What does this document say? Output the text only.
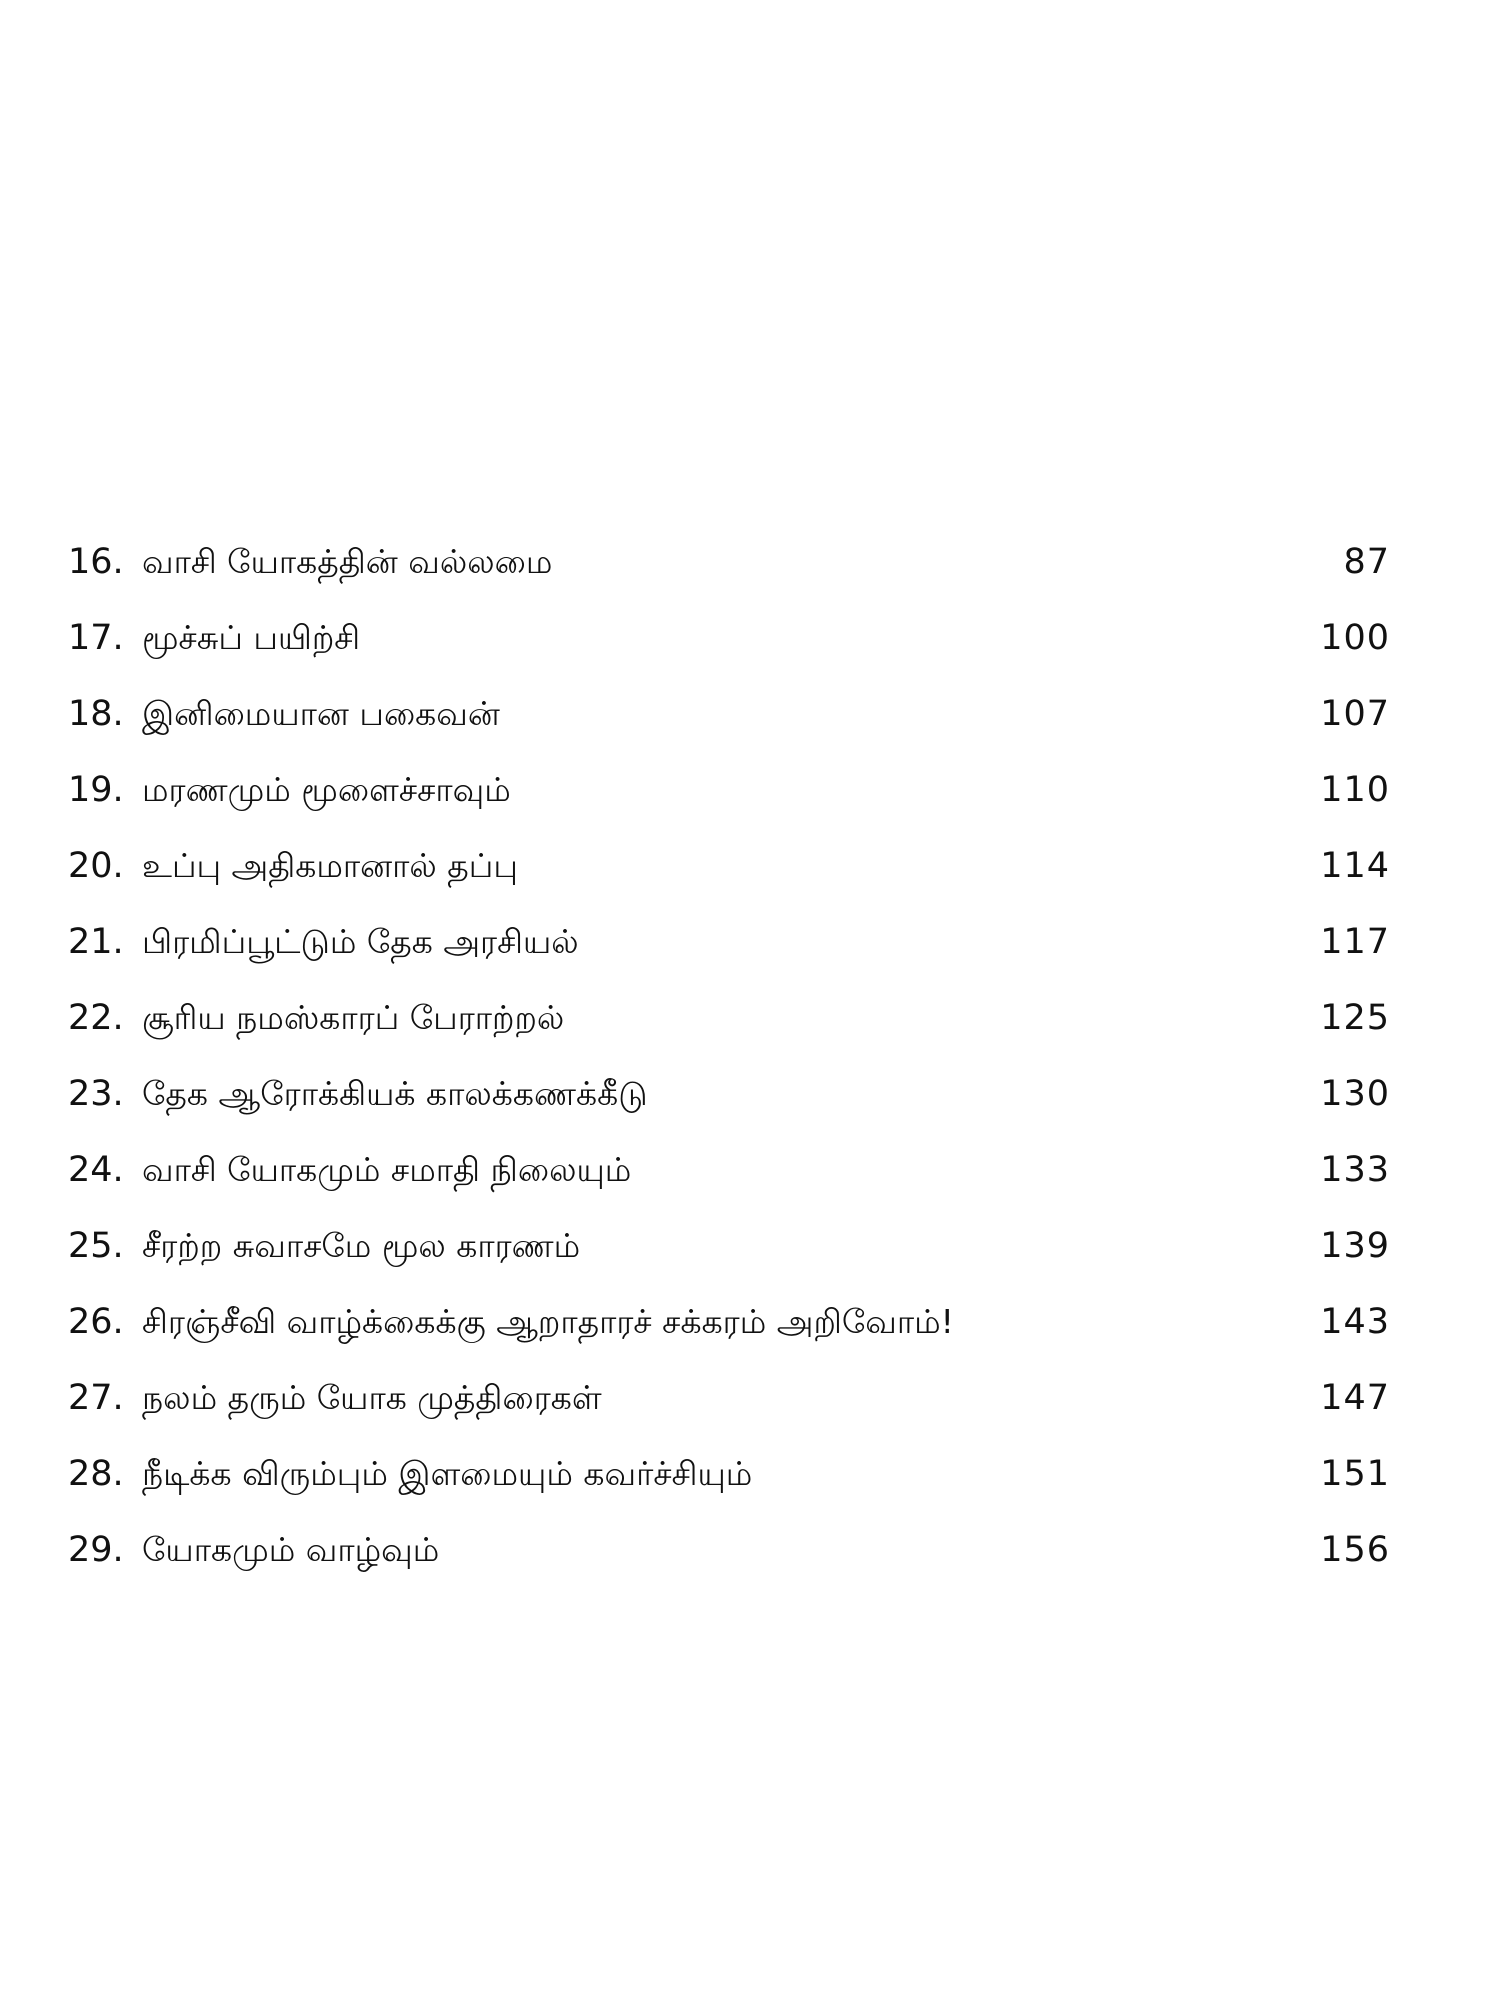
16. வாசி யோகத்தின் வல்லமை	87
17. மூச்சுப் பயிற்சி	100
18. இனிமையான பகைவன்	107
19. மரணமும் மூளைச்சாவும்	110
20. உப்பு அதிகமானால் தப்பு	114
21. பிரமிப்பூட்டும் தேக அரசியல்	117
22. சூரிய நமஸ்காரப் பேராற்றல்	125
23. தேக ஆரோக்கியக் காலக்கணக்கீடு	130
24. வாசி யோகமும் சமாதி நிலையும்	133
25. சீரற்ற சுவாசமே மூல காரணம்	139
26. சிரஞ்சீவி வாழ்க்கைக்கு ஆறாதாரச் சக்கரம் அறிவோம்!	143
27. நலம் தரும் யோக முத்திரைகள்	147
28. நீடிக்க விரும்பும் இளமையும் கவர்ச்சியும்	151
29. யோகமும் வாழ்வும்	156
